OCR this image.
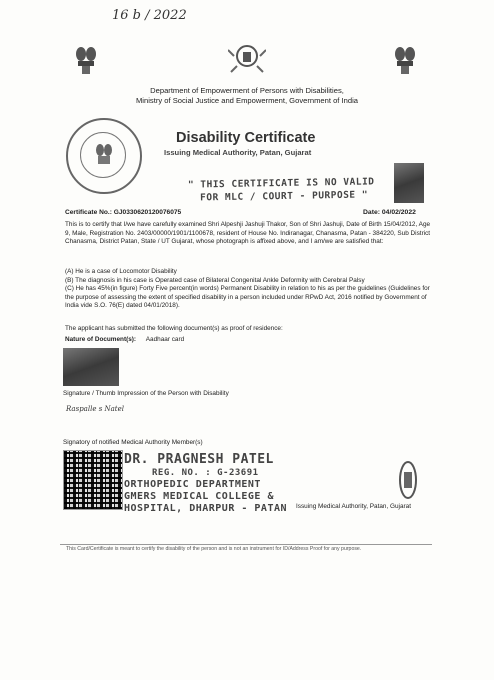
16 b / 2022
Department of Empowerment of Persons with Disabilities,
Ministry of Social Justice and Empowerment, Government of India
Disability Certificate
Issuing Medical Authority, Patan, Gujarat
" THIS CERTIFICATE IS NO VALID
FOR MLC / COURT - PURPOSE "
Certificate No.: GJ0330620120076075	Date: 04/02/2022
This is to certify that I/we have carefully examined Shri Alpeshji Jashuji Thakor, Son of Shri Jashuji, Date of Birth 15/04/2012, Age 9, Male, Registration No. 2403/00000/1901/1100678, resident of House No. Indiranagar, Chanasma, Patan - 384220, Sub District Chanasma, District Patan, State / UT Gujarat, whose photograph is affixed above, and I am/we are satisfied that:
(A) He is a case of Locomotor Disability
(B) The diagnosis in his case is Operated case of Bilateral Congenital Ankle Deformity with Cerebral Palsy
(C) He has 45%(in figure) Forty Five percent(in words) Permanent Disability in relation to his as per the guidelines (Guidelines for the purpose of assessing the extent of specified disability in a person included under RPwD Act, 2016 notified by Government of India vide S.O. 76(E) dated 04/01/2018).
The applicant has submitted the following document(s) as proof of residence:
Nature of Document(s): Aadhaar card
Signature / Thumb Impression of the Person with Disability
Raspalle s Natel
Signatory of notified Medical Authority Member(s)
DR. PRAGNESH PATEL
REG. NO. : G-23691
ORTHOPEDIC DEPARTMENT
GMERS MEDICAL COLLEGE &
HOSPITAL, DHARPUR - PATAN Issuing Medical Authority, Patan, Gujarat
This Card/Certificate is meant to certify the disability of the person and is not an instrument for ID/Address Proof for any purpose.
